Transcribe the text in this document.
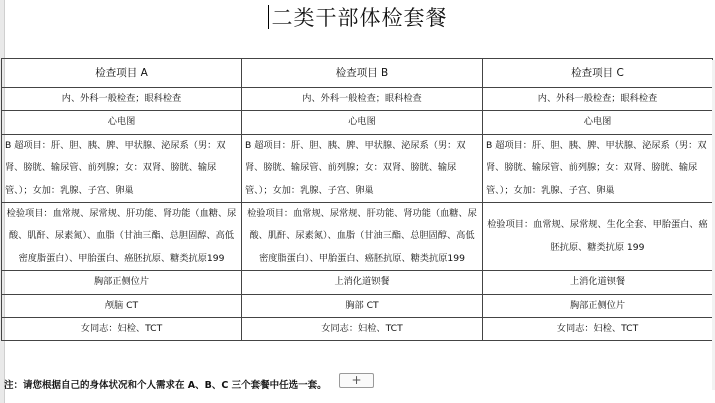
二类干部体检套餐
检查项目 A	检查项目 B	检查项目 C
内、外科一般检查；眼科检查	内、外科一般检查；眼科检查	内、外科一般检查；眼科检查
心电图	心电图	心电图
B 超项目：肝、胆、胰、脾、甲状腺、泌尿系（男：双肾、膀胱、输尿管、前列腺；女：双肾、膀胱、输尿管、）；女加：乳腺、子宫、卵巢	B 超项目：肝、胆、胰、脾、甲状腺、泌尿系（男：双肾、膀胱、输尿管、前列腺；女：双肾、膀胱、输尿管、）；女加：乳腺、子宫、卵巢	B 超项目：肝、胆、胰、脾、甲状腺、泌尿系（男：双肾、膀胱、输尿管、前列腺；女：双肾、膀胱、输尿管、）；女加：乳腺、子宫、卵巢
检验项目：血常规、尿常规、肝功能、肾功能（血糖、尿酸、肌酐、尿素氮）、血脂（甘油三酯、总胆固醇、高低密度脂蛋白）、甲胎蛋白、癌胚抗原、糖类抗原199	检验项目：血常规、尿常规、肝功能、肾功能（血糖、尿酸、肌酐、尿素氮）、血脂（甘油三酯、总胆固醇、高低密度脂蛋白）、甲胎蛋白、癌胚抗原、糖类抗原199	检验项目：血常规、尿常规、生化全套、甲胎蛋白、癌胚抗原、糖类抗原 199
胸部正侧位片	上消化道钡餐	上消化道钡餐
颅脑 CT	胸部 CT	胸部正侧位片
女同志：妇检、TCT	女同志：妇检、TCT	女同志：妇检、TCT
注：请您根据自己的身体状况和个人需求在 A、B、C 三个套餐中任选一套。	+
